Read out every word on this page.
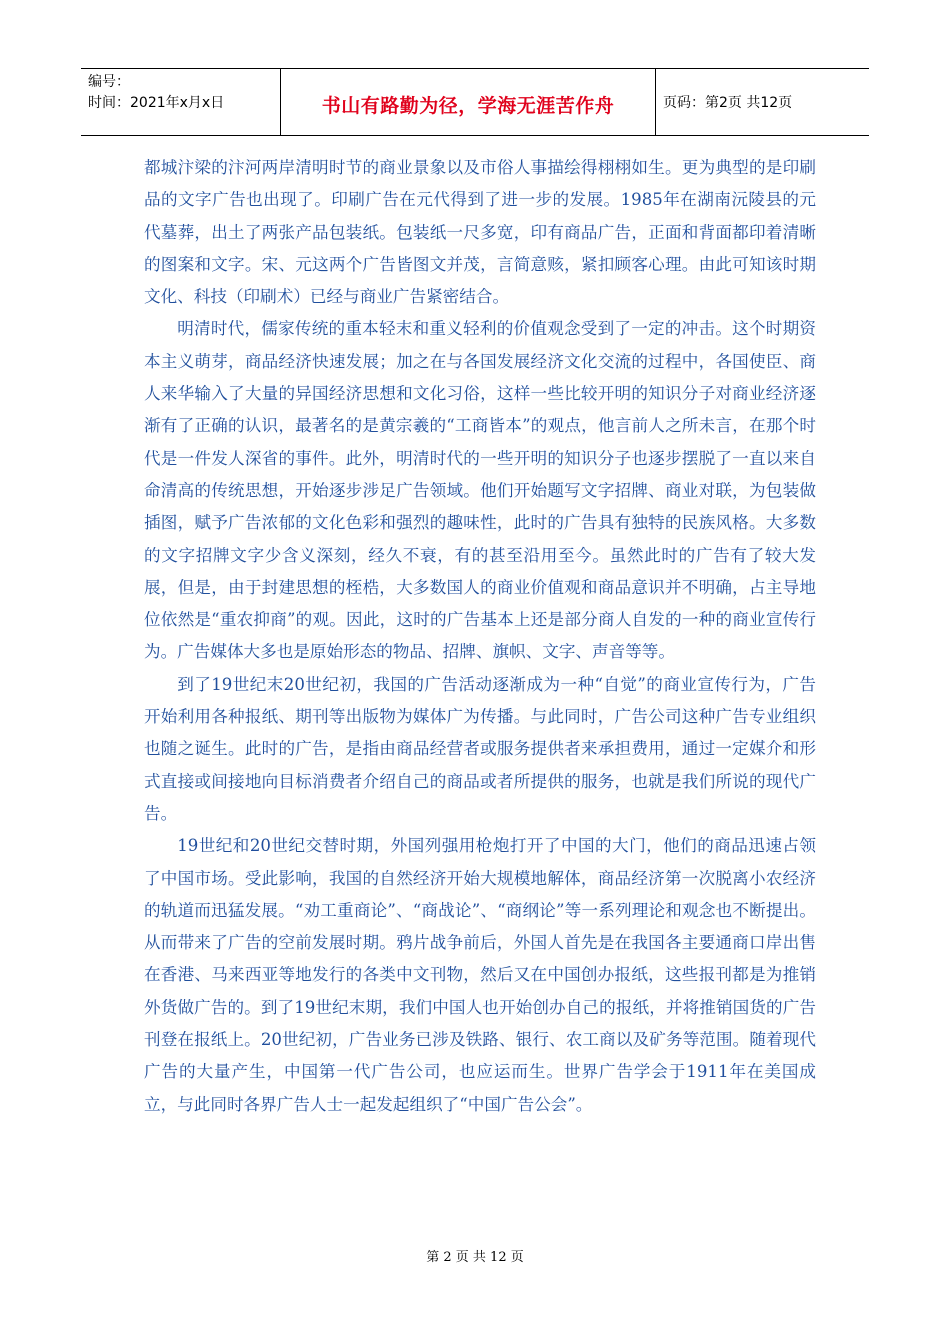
编号：
时间：2021年x月x日	书山有路勤为径，学海无涯苦作舟	页码：第2页 共12页

都城汴梁的汴河两岸清明时节的商业景象以及市俗人事描绘得栩栩如生。更为典型的是印刷品的文字广告也出现了。印刷广告在元代得到了进一步的发展。1985年在湖南沅陵县的元代墓葬，出土了两张产品包装纸。包装纸一尺多宽，印有商品广告，正面和背面都印着清晰的图案和文字。宋、元这两个广告皆图文并茂，言简意赅，紧扣顾客心理。由此可知该时期文化、科技（印刷术）已经与商业广告紧密结合。

明清时代，儒家传统的重本轻末和重义轻利的价值观念受到了一定的冲击。这个时期资本主义萌芽，商品经济快速发展；加之在与各国发展经济文化交流的过程中，各国使臣、商人来华输入了大量的异国经济思想和文化习俗，这样一些比较开明的知识分子对商业经济逐渐有了正确的认识，最著名的是黄宗羲的“工商皆本”的观点，他言前人之所未言，在那个时代是一件发人深省的事件。此外，明清时代的一些开明的知识分子也逐步摆脱了一直以来自命清高的传统思想，开始逐步涉足广告领域。他们开始题写文字招牌、商业对联，为包装做插图，赋予广告浓郁的文化色彩和强烈的趣味性，此时的广告具有独特的民族风格。大多数的文字招牌文字少含义深刻，经久不衰，有的甚至沿用至今。虽然此时的广告有了较大发展，但是，由于封建思想的桎梏，大多数国人的商业价值观和商品意识并不明确，占主导地位依然是“重农抑商”的观。因此，这时的广告基本上还是部分商人自发的一种的商业宣传行为。广告媒体大多也是原始形态的物品、招牌、旗帜、文字、声音等等。

到了19世纪末20世纪初，我国的广告活动逐渐成为一种“自觉”的商业宣传行为，广告开始利用各种报纸、期刊等出版物为媒体广为传播。与此同时，广告公司这种广告专业组织也随之诞生。此时的广告，是指由商品经营者或服务提供者来承担费用，通过一定媒介和形式直接或间接地向目标消费者介绍自己的商品或者所提供的服务，也就是我们所说的现代广告。

19世纪和20世纪交替时期，外国列强用枪炮打开了中国的大门，他们的商品迅速占领了中国市场。受此影响，我国的自然经济开始大规模地解体，商品经济第一次脱离小农经济的轨道而迅猛发展。“劝工重商论”、“商战论”、“商纲论”等一系列理论和观念也不断提出。从而带来了广告的空前发展时期。鸦片战争前后，外国人首先是在我国各主要通商口岸出售在香港、马来西亚等地发行的各类中文刊物，然后又在中国创办报纸，这些报刊都是为推销外货做广告的。到了19世纪末期，我们中国人也开始创办自己的报纸，并将推销国货的广告刊登在报纸上。20世纪初，广告业务已涉及铁路、银行、农工商以及矿务等范围。随着现代广告的大量产生，中国第一代广告公司，也应运而生。世界广告学会于1911年在美国成立，与此同时各界广告人士一起发起组织了“中国广告公会”。

第 2 页 共 12 页
